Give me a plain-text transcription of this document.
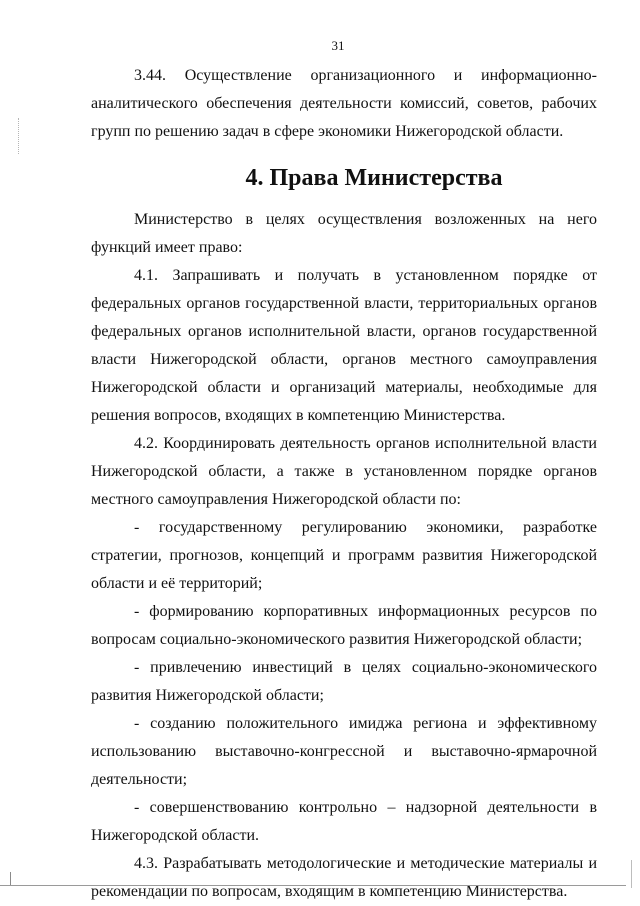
31

3.44. Осуществление организационного и информационно-аналитического обеспечения деятельности комиссий, советов, рабочих групп по решению задач в сфере экономики Нижегородской области.

4. Права Министерства

Министерство в целях осуществления возложенных на него функций имеет право:

4.1. Запрашивать и получать в установленном порядке от федеральных органов государственной власти, территориальных органов федеральных органов исполнительной власти, органов государственной власти Нижегородской области, органов местного самоуправления Нижегородской области и организаций материалы, необходимые для решения вопросов, входящих в компетенцию Министерства.

4.2. Координировать деятельность органов исполнительной власти Нижегородской области, а также в установленном порядке органов местного самоуправления Нижегородской области по:

- государственному регулированию экономики, разработке стратегии, прогнозов, концепций и программ развития Нижегородской области и её территорий;

- формированию корпоративных информационных ресурсов по вопросам социально-экономического развития Нижегородской области;

- привлечению инвестиций в целях социально-экономического развития Нижегородской области;

- созданию положительного имиджа региона и эффективному использованию выставочно-конгрессной и выставочно-ярмарочной деятельности;

- совершенствованию контрольно – надзорной деятельности в Нижегородской области.

4.3. Разрабатывать методологические и методические материалы и рекомендации по вопросам, входящим в компетенцию Министерства.
